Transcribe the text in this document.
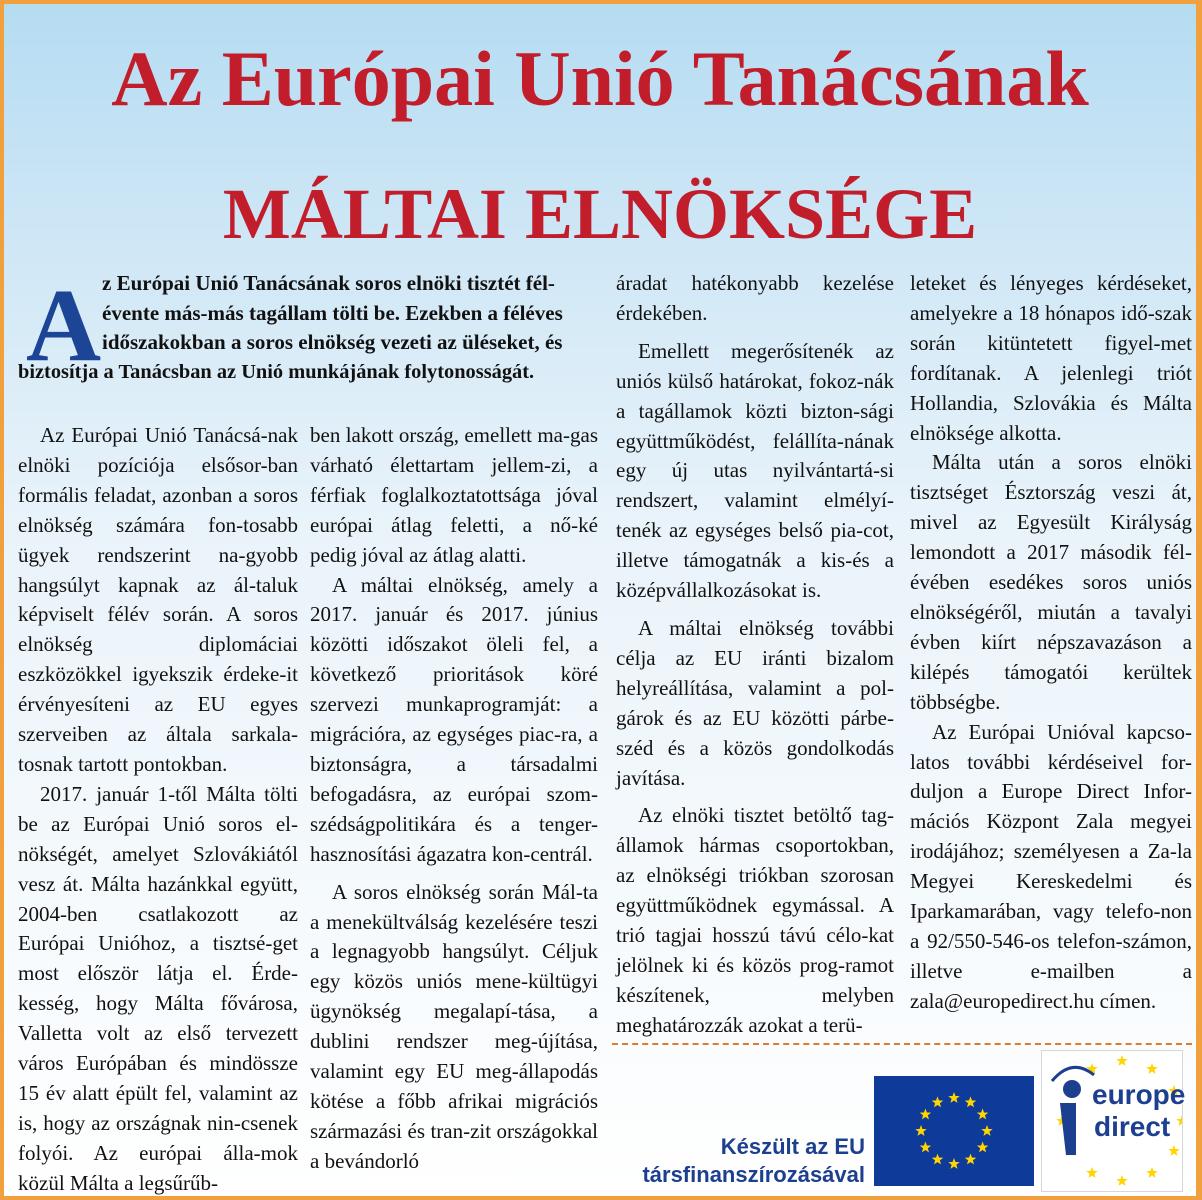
Az Európai Unió Tanácsának
MÁLTAI ELNÖKSÉGE
A z Európai Unió Tanácsának soros elnöki tisztét fél-
évente más-más tagállam tölti be. Ezekben a féléves
időszakokban a soros elnökség vezeti az üléseket, és
biztosítja a Tanácsban az Unió munkájának folytonosságát.

Az Európai Unió Tanácsá-nak elnöki pozíciója elsősor-ban formális feladat, azonban a soros elnökség számára fon-tosabb ügyek rendszerint na-gyobb hangsúlyt kapnak az ál-taluk képviselt félév során. A soros elnökség diplomáciai eszközökkel igyekszik érdeke-it érvényesíteni az EU egyes szerveiben az általa sarkala-tosnak tartott pontokban.

2017. január 1-től Málta tölti be az Európai Unió soros el-nökségét, amelyet Szlovákiától vesz át. Málta hazánkkal együtt, 2004-ben csatlakozott az Európai Unióhoz, a tisztsé-get most először látja el. Érde-kesség, hogy Málta fővárosa, Valletta volt az első tervezett város Európában és mindössze 15 év alatt épült fel, valamint az is, hogy az országnak nin-csenek folyói. Az európai álla-mok közül Málta a legsűrűb-

ben lakott ország, emellett ma-gas várható élettartam jellem-zi, a férfiak foglalkoztatottsága jóval európai átlag feletti, a nő-ké pedig jóval az átlag alatti.

A máltai elnökség, amely a 2017. január és 2017. június közötti időszakot öleli fel, a következő prioritások köré szervezi munkaprogramját: a migrációra, az egységes piac-ra, a biztonságra, a társadalmi befogadásra, az európai szom-szédságpolitikára és a tenger-hasznosítási ágazatra kon-centrál.

A soros elnökség során Mál-ta a menekültválság kezelésére teszi a legnagyobb hangsúlyt. Céljuk egy közös uniós mene-kültügyi ügynökség megalapí-tása, a dublini rendszer meg-újítása, valamint egy EU meg-állapodás kötése a főbb afrikai migrációs származási és tran-zit országokkal a bevándorló

áradat hatékonyabb kezelése érdekében.

Emellett megerősítenék az uniós külső határokat, fokoz-nák a tagállamok közti bizton-sági együttműködést, felállíta-nának egy új utas nyilvántartá-si rendszert, valamint elmélyí-tenék az egységes belső pia-cot, illetve támogatnák a kis-és a középvállalkozásokat is.

A máltai elnökség további célja az EU iránti bizalom helyreállítása, valamint a pol-gárok és az EU közötti párbe-széd és a közös gondolkodás javítása.

Az elnöki tisztet betöltő tag-államok hármas csoportokban, az elnökségi triókban szorosan együttműködnek egymással. A trió tagjai hosszú távú célo-kat jelölnek ki és közös prog-ramot készítenek, melyben meghatározzák azokat a terü-

leteket és lényeges kérdéseket, amelyekre a 18 hónapos idő-szak során kitüntetett figyel-met fordítanak. A jelenlegi triót Hollandia, Szlovákia és Málta elnöksége alkotta.

Málta után a soros elnöki tisztséget Észtország veszi át, mivel az Egyesült Királyság lemondott a 2017 második fél-évében esedékes soros uniós elnökségéről, miután a tavalyi évben kiírt népszavazáson a kilépés támogatói kerültek többségbe.

Az Európai Unióval kapcso-latos további kérdéseivel for-duljon a Europe Direct Infor-mációs Központ Zala megyei irodájához; személyesen a Za-la Megyei Kereskedelmi és Iparkamarában, vagy telefo-non a 92/550-546-os telefon-számon, illetve e-mailben a zala@europedirect.hu címen.

Készült az EU
társfinanszírozásával
europe
direct
